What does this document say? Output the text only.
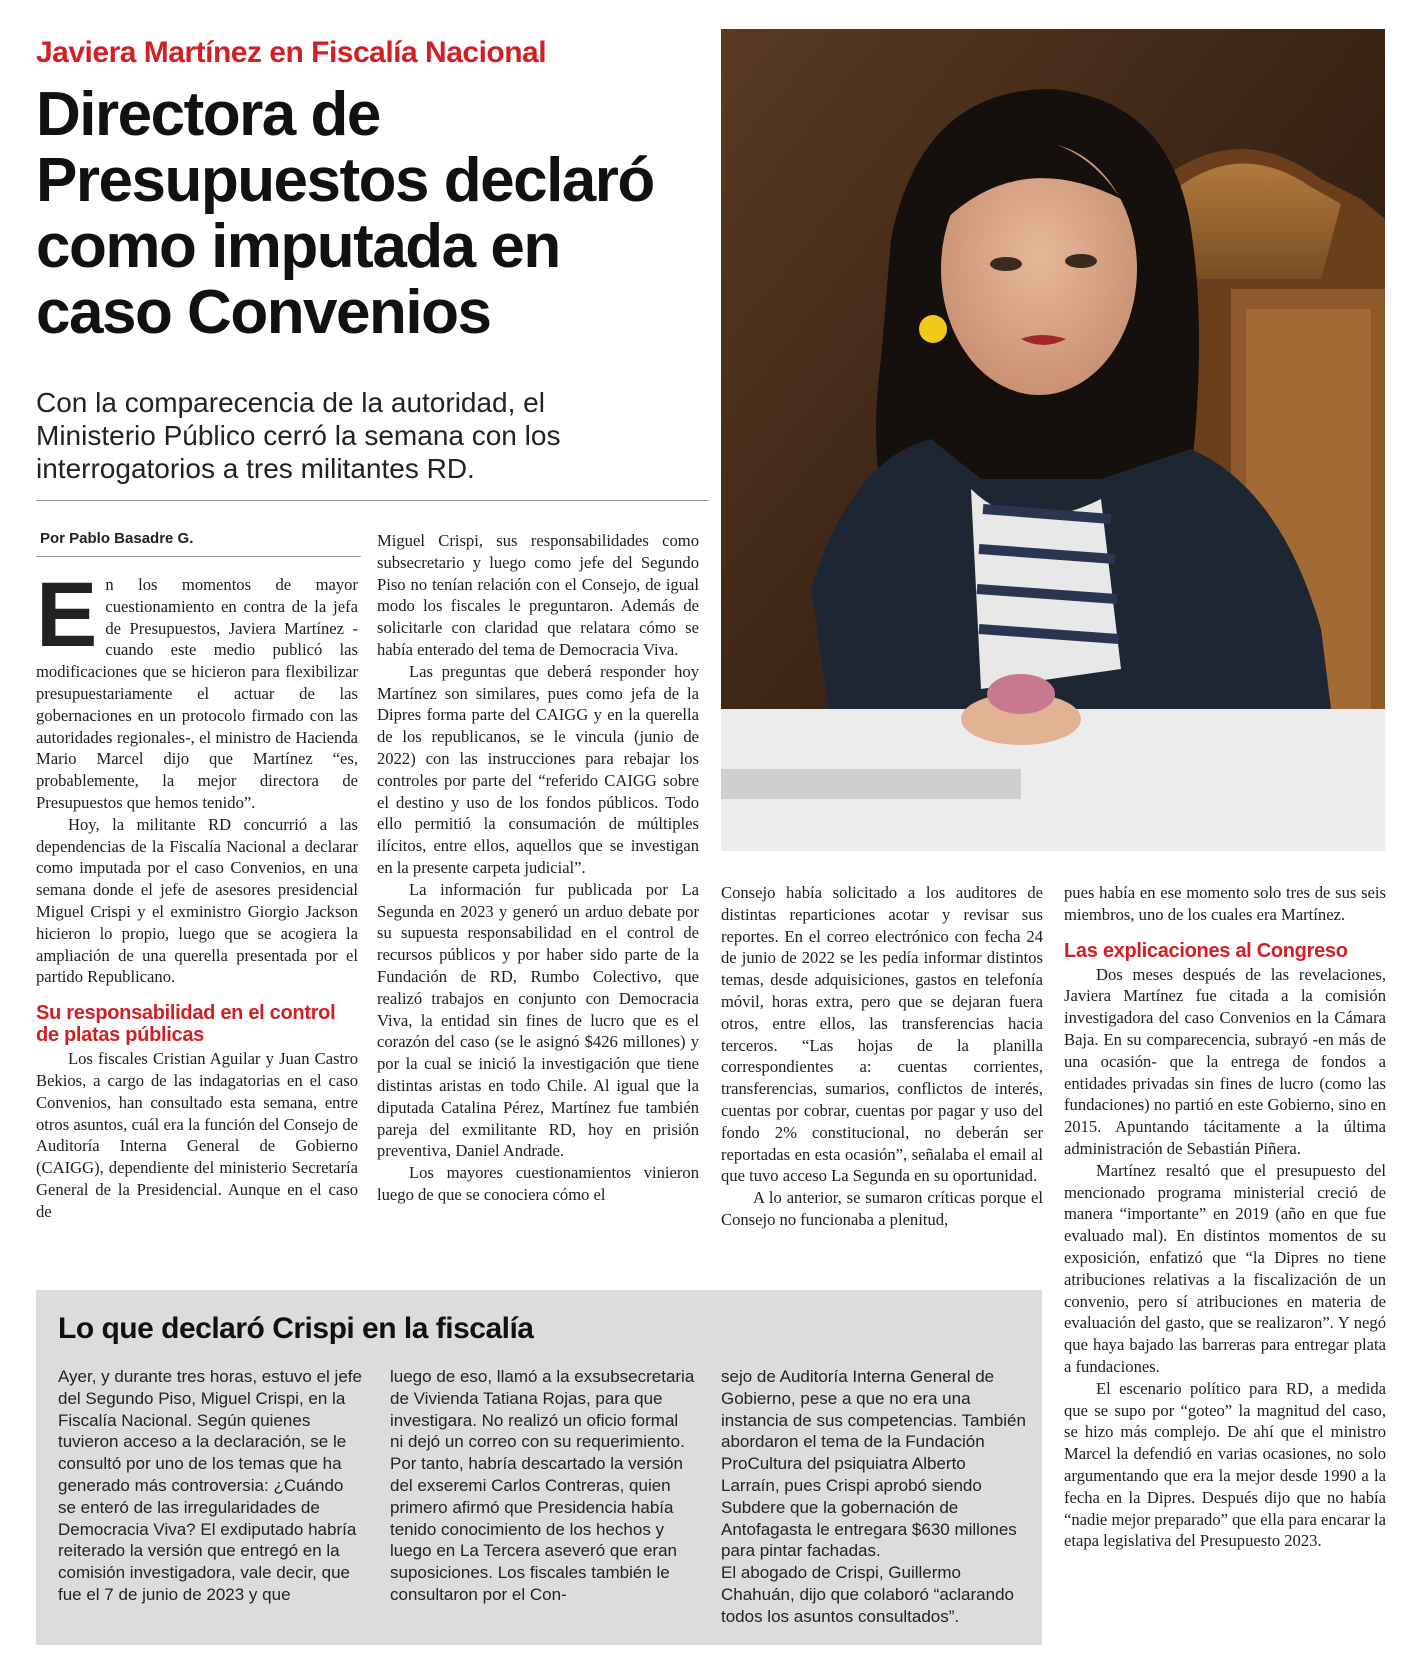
Javiera Martínez en Fiscalía Nacional
Directora de
Presupuestos declaró
como imputada en
caso Convenios
Con la comparecencia de la autoridad, el
Ministerio Público cerró la semana con los
interrogatorios a tres militantes RD.
Por Pablo Basadre G.

En los momentos de mayor cuestionamiento en contra de la jefa de Presupuestos, Javiera Martínez -cuando este medio publicó las modificaciones que se hicieron para flexibilizar presupuestariamente el actuar de las gobernaciones en un protocolo firmado con las autoridades regionales-, el ministro de Hacienda Mario Marcel dijo que Martínez “es, probablemente, la mejor directora de Presupuestos que hemos tenido”.

Hoy, la militante RD concurrió a las dependencias de la Fiscalía Nacional a declarar como imputada por el caso Convenios, en una semana donde el jefe de asesores presidencial Miguel Crispi y el exministro Giorgio Jackson hicieron lo propio, luego que se acogiera la ampliación de una querella presentada por el partido Republicano.

Su responsabilidad en el control de platas públicas

Los fiscales Cristian Aguilar y Juan Castro Bekios, a cargo de las indagatorias en el caso Convenios, han consultado esta semana, entre otros asuntos, cuál era la función del Consejo de Auditoría Interna General de Gobierno (CAIGG), dependiente del ministerio Secretaría General de la Presidencial. Aunque en el caso de

Miguel Crispi, sus responsabilidades como subsecretario y luego como jefe del Segundo Piso no tenían relación con el Consejo, de igual modo los fiscales le preguntaron. Además de solicitarle con claridad que relatara cómo se había enterado del tema de Democracia Viva.

Las preguntas que deberá responder hoy Martínez son similares, pues como jefa de la Dipres forma parte del CAIGG y en la querella de los republicanos, se le vincula (junio de 2022) con las instrucciones para rebajar los controles por parte del “referido CAIGG sobre el destino y uso de los fondos públicos. Todo ello permitió la consumación de múltiples ilícitos, entre ellos, aquellos que se investigan en la presente carpeta judicial”.

La información fur publicada por La Segunda en 2023 y generó un arduo debate por su supuesta responsabilidad en el control de recursos públicos y por haber sido parte de la Fundación de RD, Rumbo Colectivo, que realizó trabajos en conjunto con Democracia Viva, la entidad sin fines de lucro que es el corazón del caso (se le asignó $426 millones) y por la cual se inició la investigación que tiene distintas aristas en todo Chile. Al igual que la diputada Catalina Pérez, Martínez fue también pareja del exmilitante RD, hoy en prisión preventiva, Daniel Andrade.

Los mayores cuestionamientos vinieron luego de que se conociera cómo el

Consejo había solicitado a los auditores de distintas reparticiones acotar y revisar sus reportes. En el correo electrónico con fecha 24 de junio de 2022 se les pedía informar distintos temas, desde adquisiciones, gastos en telefonía móvil, horas extra, pero que se dejaran fuera otros, entre ellos, las transferencias hacia terceros. “Las hojas de la planilla correspondientes a: cuentas corrientes, transferencias, sumarios, conflictos de interés, cuentas por cobrar, cuentas por pagar y uso del fondo 2% constitucional, no deberán ser reportadas en esta ocasión”, señalaba el email al que tuvo acceso La Segunda en su oportunidad.

A lo anterior, se sumaron críticas porque el Consejo no funcionaba a plenitud,

pues había en ese momento solo tres de sus seis miembros, uno de los cuales era Martínez.

Las explicaciones al Congreso

Dos meses después de las revelaciones, Javiera Martínez fue citada a la comisión investigadora del caso Convenios en la Cámara Baja. En su comparecencia, subrayó -en más de una ocasión- que la entrega de fondos a entidades privadas sin fines de lucro (como las fundaciones) no partió en este Gobierno, sino en 2015. Apuntando tácitamente a la última administración de Sebastián Piñera.

Martínez resaltó que el presupuesto del mencionado programa ministerial creció de manera “importante” en 2019 (año en que fue evaluado mal). En distintos momentos de su exposición, enfatizó que “la Dipres no tiene atribuciones relativas a la fiscalización de un convenio, pero sí atribuciones en materia de evaluación del gasto, que se realizaron”. Y negó que haya bajado las barreras para entregar plata a fundaciones.

El escenario político para RD, a medida que se supo por “goteo” la magnitud del caso, se hizo más complejo. De ahí que el ministro Marcel la defendió en varias ocasiones, no solo argumentando que era la mejor desde 1990 a la fecha en la Dipres. Después dijo que no había “nadie mejor preparado” que ella para encarar la etapa legislativa del Presupuesto 2023.

Lo que declaró Crispi en la fiscalía
Ayer, y durante tres horas, estuvo el jefe del Segundo Piso, Miguel Crispi, en la Fiscalía Nacional. Según quienes tuvieron acceso a la declaración, se le consultó por uno de los temas que ha generado más controversia: ¿Cuándo se enteró de las irregularidades de Democracia Viva? El exdiputado habría reiterado la versión que entregó en la comisión investigadora, vale decir, que fue el 7 de junio de 2023 y que
luego de eso, llamó a la exsubsecretaria de Vivienda Tatiana Rojas, para que investigara. No realizó un oficio formal ni dejó un correo con su requerimiento. Por tanto, habría descartado la versión del exseremi Carlos Contreras, quien primero afirmó que Presidencia había tenido conocimiento de los hechos y luego en La Tercera aseveró que eran suposiciones. Los fiscales también le consultaron por el Con-
sejo de Auditoría Interna General de Gobierno, pese a que no era una instancia de sus competencias. También abordaron el tema de la Fundación ProCultura del psiquiatra Alberto Larraín, pues Crispi aprobó siendo Subdere que la gobernación de Antofagasta le entregara $630 millones para pintar fachadas.
El abogado de Crispi, Guillermo Chahuán, dijo que colaboró “aclarando todos los asuntos consultados”.
